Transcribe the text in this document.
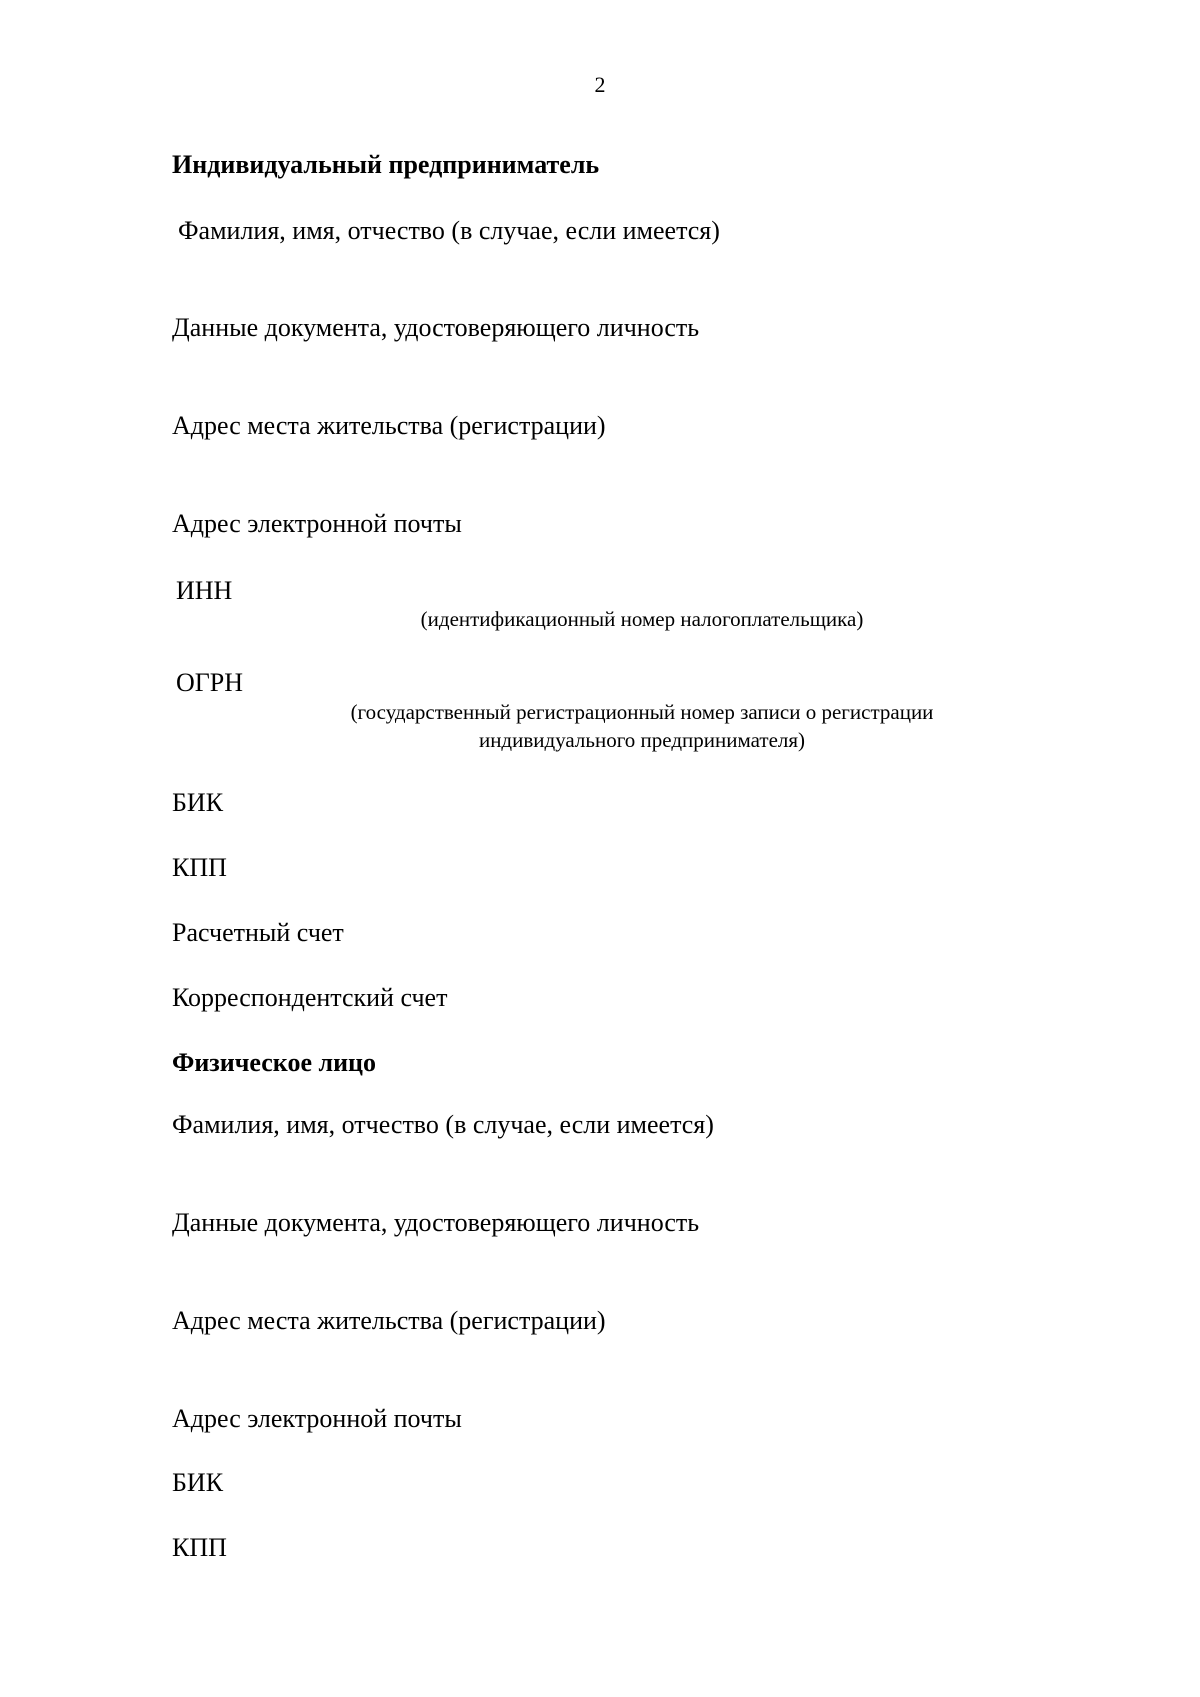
2
Индивидуальный предприниматель
Фамилия, имя, отчество (в случае, если имеется)
Данные документа, удостоверяющего личность
Адрес места жительства (регистрации)
Адрес электронной почты
ИНН
(идентификационный номер налогоплательщика)
ОГРН
(государственный регистрационный номер записи о регистрации
индивидуального предпринимателя)
БИК
КПП
Расчетный счет
Корреспондентский счет
Физическое лицо
Фамилия, имя, отчество (в случае, если имеется)
Данные документа, удостоверяющего личность
Адрес места жительства (регистрации)
Адрес электронной почты
БИК
КПП
